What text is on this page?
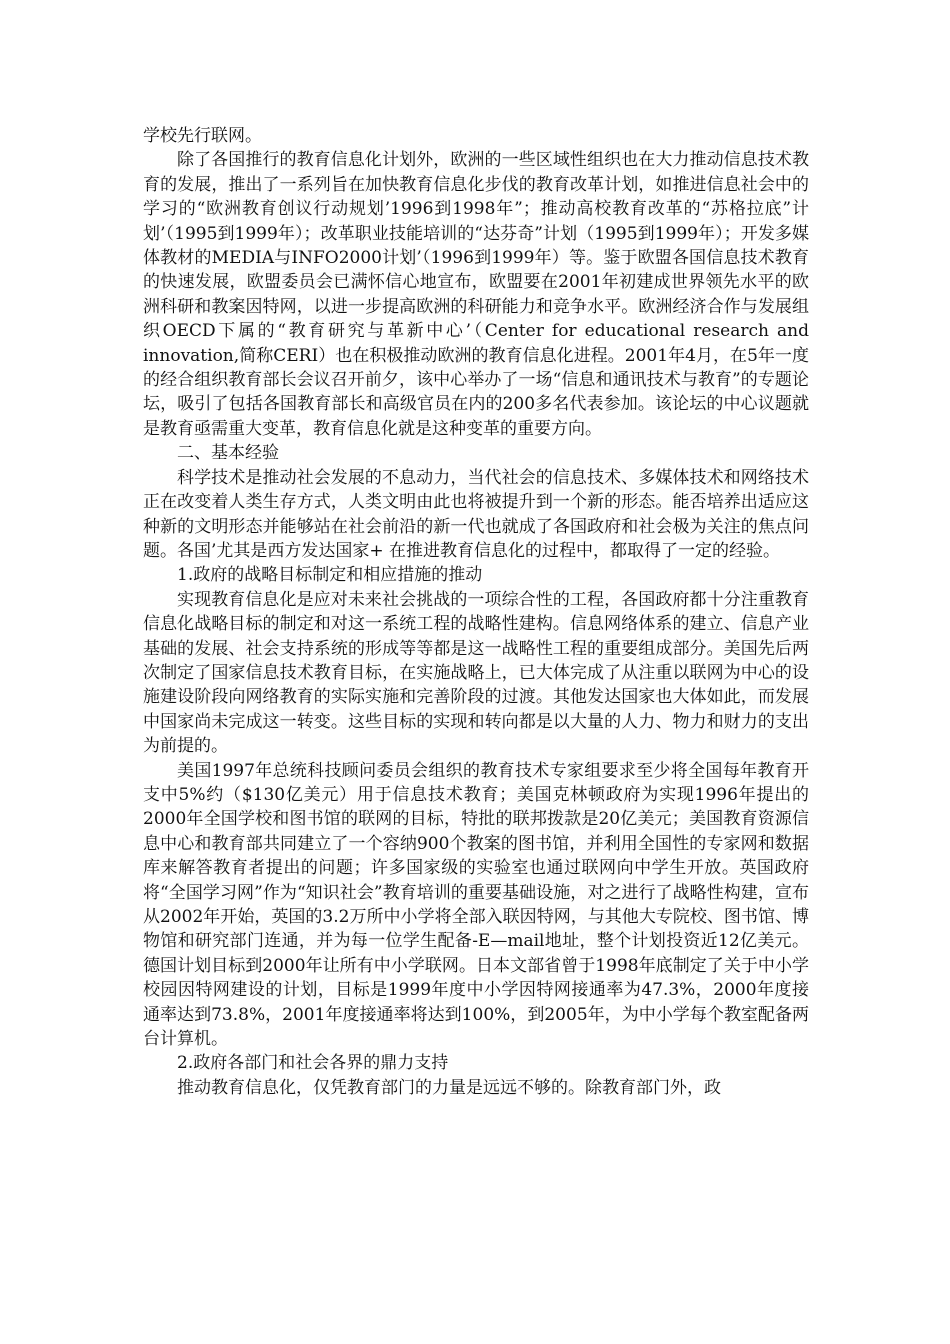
学校先行联网。

除了各国推行的教育信息化计划外，欧洲的一些区域性组织也在大力推动信息技术教育的发展，推出了一系列旨在加快教育信息化步伐的教育改革计划，如推进信息社会中的学习的“欧洲教育创议行动规划’1996到1998年”；推动高校教育改革的“苏格拉底”计划’（1995到1999年）；改革职业技能培训的“达芬奇”计划（1995到1999年）；开发多媒体教材的MEDIA与INFO2000计划’（1996到1999年）等。鉴于欧盟各国信息技术教育的快速发展，欧盟委员会已满怀信心地宣布，欧盟要在2001年初建成世界领先水平的欧洲科研和教案因特网，以进一步提高欧洲的科研能力和竞争水平。欧洲经济合作与发展组织OECD下属的“教育研究与革新中心’（Center for educational research and innovation,简称CERI）也在积极推动欧洲的教育信息化进程。2001年4月，在5年一度的经合组织教育部长会议召开前夕，该中心举办了一场“信息和通讯技术与教育”的专题论坛，吸引了包括各国教育部长和高级官员在内的200多名代表参加。该论坛的中心议题就是教育亟需重大变革，教育信息化就是这种变革的重要方向。

二、基本经验

科学技术是推动社会发展的不息动力，当代社会的信息技术、多媒体技术和网络技术正在改变着人类生存方式，人类文明由此也将被提升到一个新的形态。能否培养出适应这种新的文明形态并能够站在社会前沿的新一代也就成了各国政府和社会极为关注的焦点问题。各国’尤其是西方发达国家+ 在推进教育信息化的过程中，都取得了一定的经验。

1.政府的战略目标制定和相应措施的推动

实现教育信息化是应对未来社会挑战的一项综合性的工程，各国政府都十分注重教育信息化战略目标的制定和对这一系统工程的战略性建构。信息网络体系的建立、信息产业基础的发展、社会支持系统的形成等等都是这一战略性工程的重要组成部分。美国先后两次制定了国家信息技术教育目标，在实施战略上，已大体完成了从注重以联网为中心的设施建设阶段向网络教育的实际实施和完善阶段的过渡。其他发达国家也大体如此，而发展中国家尚未完成这一转变。这些目标的实现和转向都是以大量的人力、物力和财力的支出为前提的。

美国1997年总统科技顾问委员会组织的教育技术专家组要求至少将全国每年教育开支中5%约（$130亿美元）用于信息技术教育；美国克林顿政府为实现1996年提出的2000年全国学校和图书馆的联网的目标，特批的联邦拨款是20亿美元；美国教育资源信息中心和教育部共同建立了一个容纳900个教案的图书馆，并利用全国性的专家网和数据库来解答教育者提出的问题；许多国家级的实验室也通过联网向中学生开放。英国政府将“全国学习网”作为“知识社会”教育培训的重要基础设施，对之进行了战略性构建，宣布从2002年开始，英国的3.2万所中小学将全部入联因特网，与其他大专院校、图书馆、博物馆和研究部门连通，并为每一位学生配备-E—mail地址，整个计划投资近12亿美元。德国计划目标到2000年让所有中小学联网。日本文部省曾于1998年底制定了关于中小学校园因特网建设的计划，目标是1999年度中小学因特网接通率为47.3%，2000年度接通率达到73.8%，2001年度接通率将达到100%，到2005年，为中小学每个教室配备两台计算机。

2.政府各部门和社会各界的鼎力支持

推动教育信息化，仅凭教育部门的力量是远远不够的。除教育部门外，政
